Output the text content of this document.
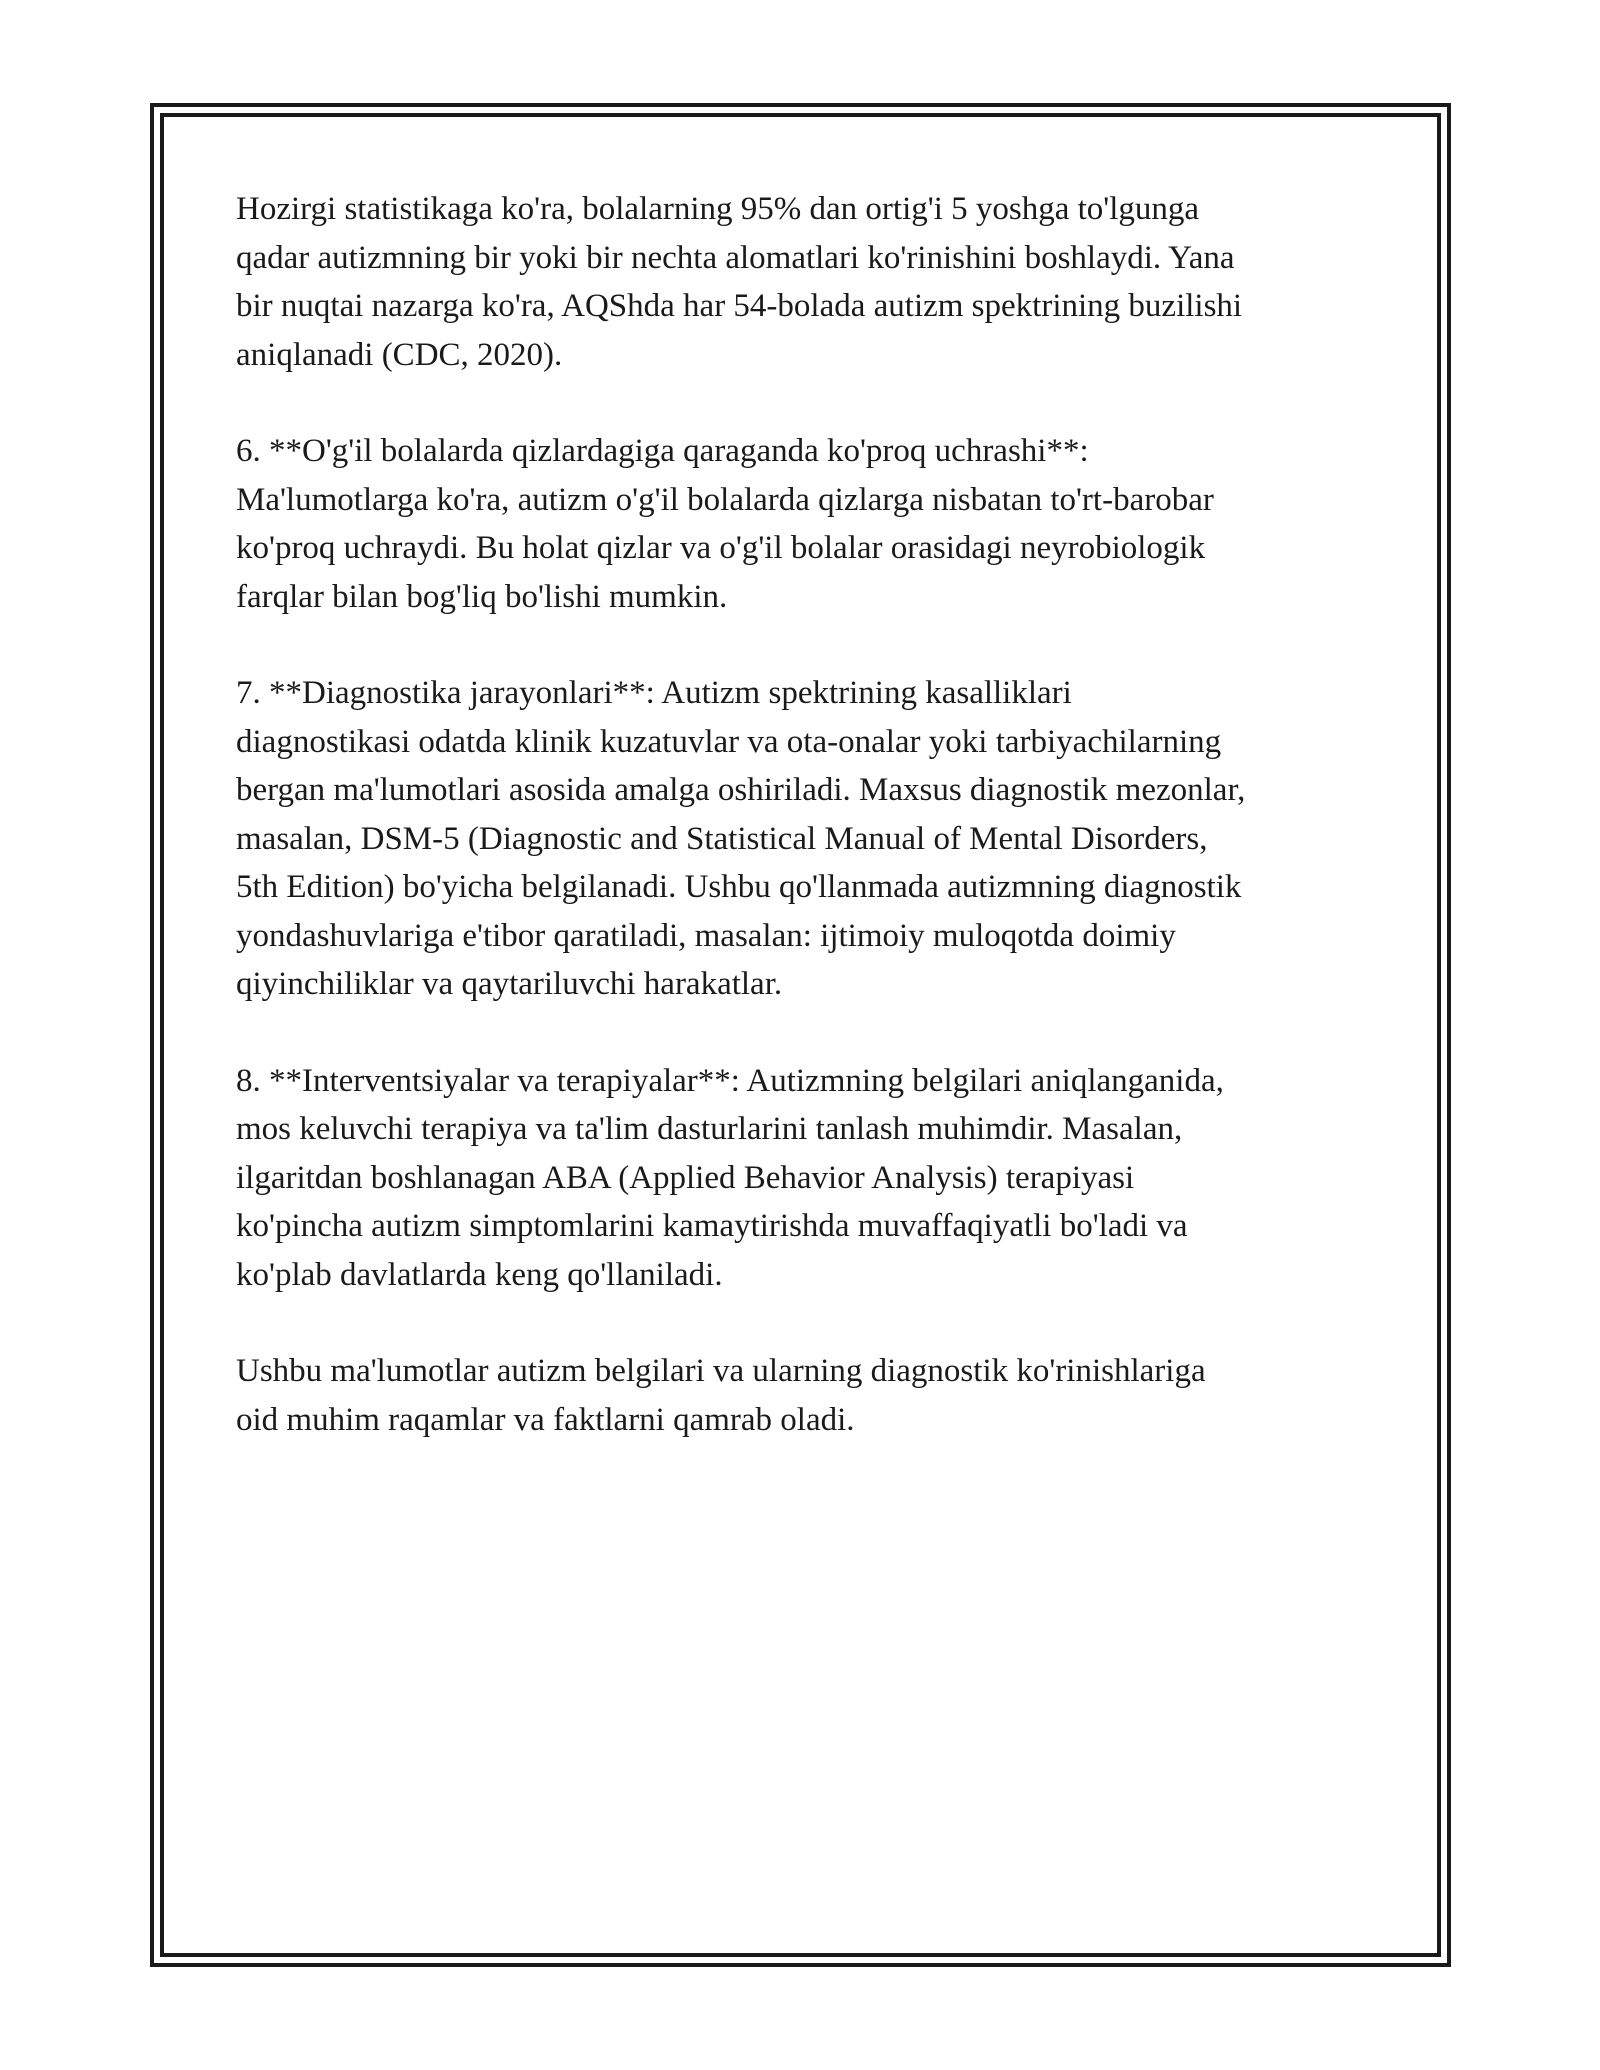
Hozirgi statistikaga ko'ra, bolalarning 95% dan ortig'i 5 yoshga to'lgunga
qadar autizmning bir yoki bir nechta alomatlari ko'rinishini boshlaydi. Yana
bir nuqtai nazarga ko'ra, AQShda har 54-bolada autizm spektrining buzilishi
aniqlanadi (CDC, 2020).

6. **O'g'il bolalarda qizlardagiga qaraganda ko'proq uchrashi**:
Ma'lumotlarga ko'ra, autizm o'g'il bolalarda qizlarga nisbatan to'rt-barobar
ko'proq uchraydi. Bu holat qizlar va o'g'il bolalar orasidagi neyrobiologik
farqlar bilan bog'liq bo'lishi mumkin.

7. **Diagnostika jarayonlari**: Autizm spektrining kasalliklari
diagnostikasi odatda klinik kuzatuvlar va ota-onalar yoki tarbiyachilarning
bergan ma'lumotlari asosida amalga oshiriladi. Maxsus diagnostik mezonlar,
masalan, DSM-5 (Diagnostic and Statistical Manual of Mental Disorders,
5th Edition) bo'yicha belgilanadi. Ushbu qo'llanmada autizmning diagnostik
yondashuvlariga e'tibor qaratiladi, masalan: ijtimoiy muloqotda doimiy
qiyinchiliklar va qaytariluvchi harakatlar.

8. **Interventsiyalar va terapiyalar**: Autizmning belgilari aniqlanganida,
mos keluvchi terapiya va ta'lim dasturlarini tanlash muhimdir. Masalan,
ilgaritdan boshlanagan ABA (Applied Behavior Analysis) terapiyasi
ko'pincha autizm simptomlarini kamaytirishda muvaffaqiyatli bo'ladi va
ko'plab davlatlarda keng qo'llaniladi.

Ushbu ma'lumotlar autizm belgilari va ularning diagnostik ko'rinishlariga
oid muhim raqamlar va faktlarni qamrab oladi.
